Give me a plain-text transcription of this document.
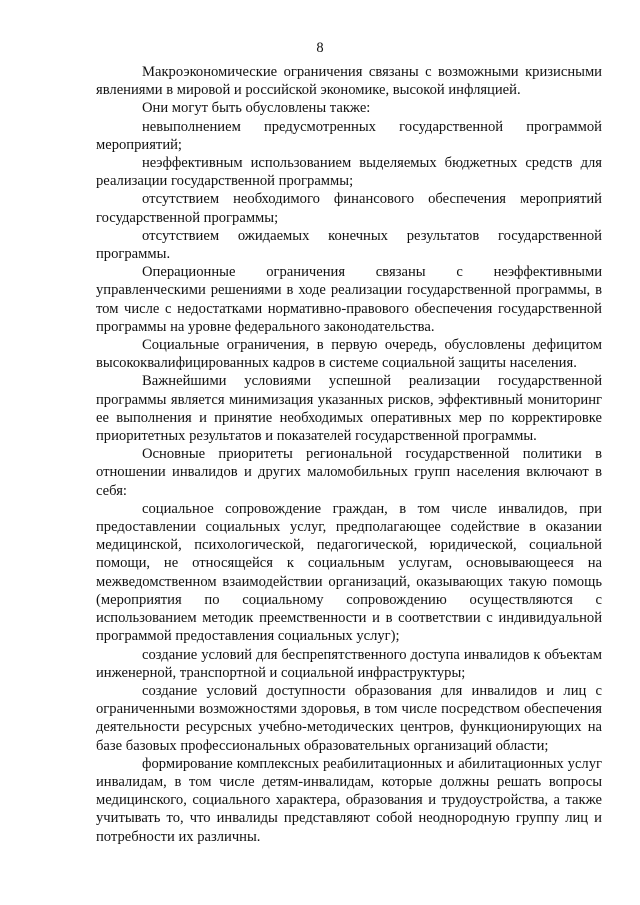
8

Макроэкономические ограничения связаны с возможными кризисными явлениями в мировой и российской экономике, высокой инфляцией.

Они могут быть обусловлены также:

невыполнением предусмотренных государственной программой мероприятий;

неэффективным использованием выделяемых бюджетных средств для реализации государственной программы;

отсутствием необходимого финансового обеспечения мероприятий государственной программы;

отсутствием ожидаемых конечных результатов государственной программы.

Операционные ограничения связаны с неэффективными управленческими решениями в ходе реализации государственной программы, в том числе с недостатками нормативно-правового обеспечения государственной программы на уровне федерального законодательства.

Социальные ограничения, в первую очередь, обусловлены дефицитом высококвалифицированных кадров в системе социальной защиты населения.

Важнейшими условиями успешной реализации государственной программы является минимизация указанных рисков, эффективный мониторинг ее выполнения и принятие необходимых оперативных мер по корректировке приоритетных результатов и показателей государственной программы.

Основные приоритеты региональной государственной политики в отношении инвалидов и других маломобильных групп населения включают в себя:

социальное сопровождение граждан, в том числе инвалидов, при предоставлении социальных услуг, предполагающее содействие в оказании медицинской, психологической, педагогической, юридической, социальной помощи, не относящейся к социальным услугам, основывающееся на межведомственном взаимодействии организаций, оказывающих такую помощь (мероприятия по социальному сопровождению осуществляются с использованием методик преемственности и в соответствии с индивидуальной программой предоставления социальных услуг);

создание условий для беспрепятственного доступа инвалидов к объектам инженерной, транспортной и социальной инфраструктуры;

создание условий доступности образования для инвалидов и лиц с ограниченными возможностями здоровья, в том числе посредством обеспечения деятельности ресурсных учебно-методических центров, функционирующих на базе базовых профессиональных образовательных организаций области;

формирование комплексных реабилитационных и абилитационных услуг инвалидам, в том числе детям-инвалидам, которые должны решать вопросы медицинского, социального характера, образования и трудоустройства, а также учитывать то, что инвалиды представляют собой неоднородную группу лиц и потребности их различны.
